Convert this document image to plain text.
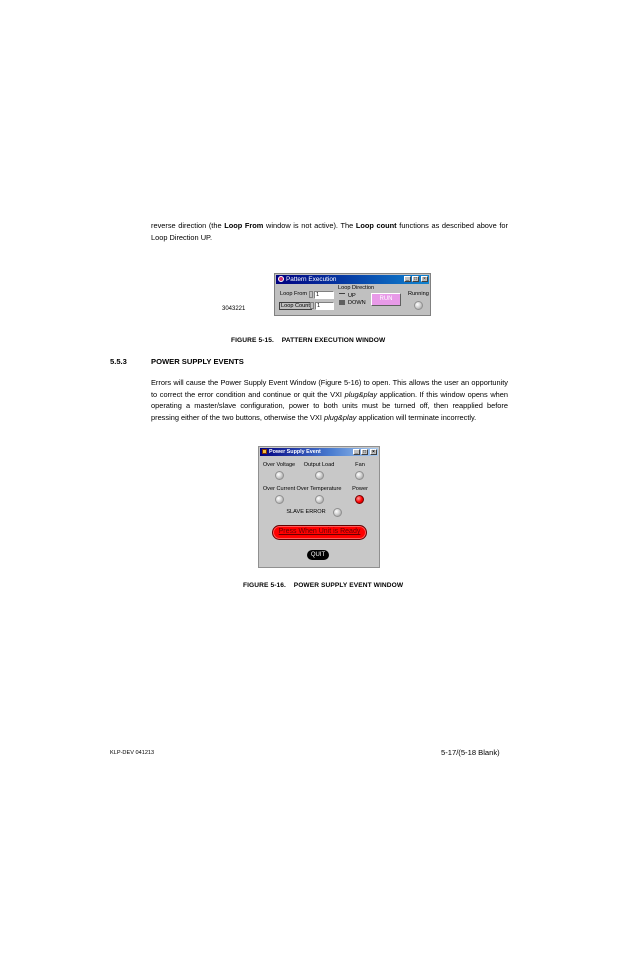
reverse direction (the Loop From window is not active). The Loop count functions as described above for Loop Direction UP.
Pattern Execution	_	□	×
Loop From	1
Loop Count	1
Loop Direction
UP
DOWN
RUN
Running
3043221
FIGURE 5-15.    PATTERN EXECUTION WINDOW
5.5.3	POWER SUPPLY EVENTS
Errors will cause the Power Supply Event Window (Figure 5-16) to open. This allows the user an opportunity to correct the error condition and continue or quit the VXI plug&play application. If this window opens when operating a master/slave configuration, power to both units must be turned off, then reapplied before pressing either of the two buttons, otherwise the VXI plug&play application will terminate incorrectly.
Power Supply Event	_	□	×
Over Voltage Output Load	Fan
Over Current Over Temperature Power
SLAVE ERROR
Press When Unit is Ready
QUIT
FIGURE 5-16.    POWER SUPPLY EVENT WINDOW
KLP-DEV 041213	5-17/(5-18 Blank)
